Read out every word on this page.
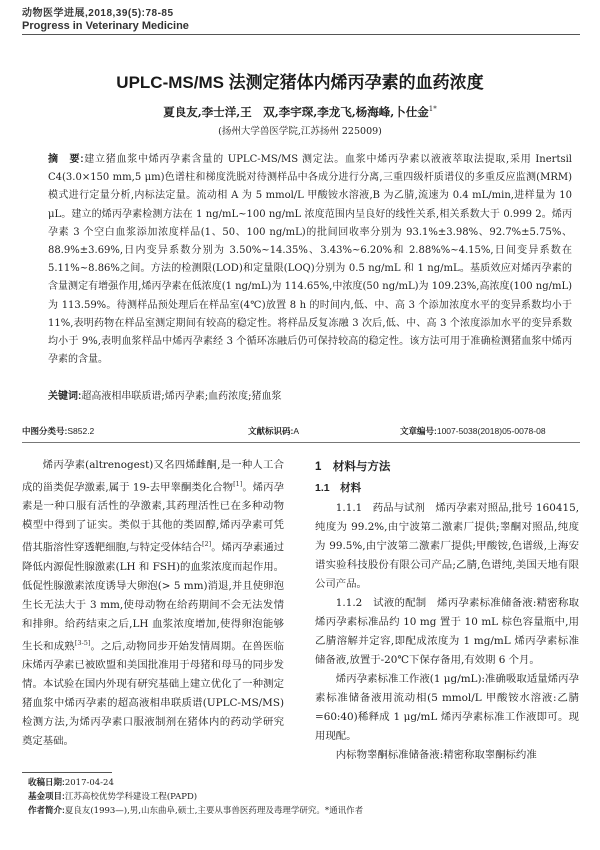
动物医学进展,2018,39(5):78-85
Progress in Veterinary Medicine
UPLC-MS/MS 法测定猪体内烯丙孕素的血药浓度
夏良友,李士洋,王　双,李宇琛,李龙飞,杨海峰,卜仕金$^{1*}$
(扬州大学兽医学院,江苏扬州 225009)
摘　要:建立猪血浆中烯丙孕素含量的 UPLC-MS/MS 测定法。血浆中烯丙孕素以液液萃取法提取,采用 Inertsil C4(3.0×150 mm,5 μm)色谱柱和梯度洗脱对待测样品中各成分进行分离,三重四级杆质谱仪的多重反应监测(MRM)模式进行定量分析,内标法定量。流动相 A 为 5 mmol/L 甲酸铵水溶液,B 为乙腈,流速为 0.4 mL/min,进样量为 10 μL。建立的烯丙孕素检测方法在 1 ng/mL~100 ng/mL 浓度范围内呈良好的线性关系,相关系数大于 0.999 2。烯丙孕素 3 个空白血浆添加浓度样品(1、50、100 ng/mL)的批间回收率分别为 93.1%±3.98%、92.7%±5.75%、88.9%±3.69%,日内变异系数分别为 3.50%~14.35%、3.43%~6.20%和 2.88%%~4.15%,日间变异系数在 5.11%~8.86%之间。方法的检测限(LOD)和定量限(LOQ)分别为 0.5 ng/mL 和 1 ng/mL。基质效应对烯丙孕素的含量测定有增强作用,烯丙孕素在低浓度(1 ng/mL)为 114.65%,中浓度(50 ng/mL)为 109.23%,高浓度(100 ng/mL)为 113.59%。待测样品预处理后在样品室(4℃)放置 8 h 的时间内,低、中、高 3 个添加浓度水平的变异系数均小于 11%,表明药物在样品室测定期间有较高的稳定性。将样品反复冻融 3 次后,低、中、高 3 个浓度添加水平的变异系数均小于 9%,表明血浆样品中烯丙孕素经 3 个循环冻融后仍可保持较高的稳定性。该方法可用于准确检测猪血浆中烯丙孕素的含量。
关键词:超高液相串联质谱;烯丙孕素;血药浓度;猪血浆
中图分类号:S852.2	文献标识码:A	文章编号:1007-5038(2018)05-0078-08

烯丙孕素(altrenogest)又名四烯雌酮,是一种人工合成的甾类促孕激素,属于 19-去甲睾酮类化合物[1]。烯丙孕素是一种口服有活性的孕激素,其药理活性已在多种动物模型中得到了证实。类似于其他的类固醇,烯丙孕素可凭借其脂溶性穿透靶细胞,与特定受体结合[2]。烯丙孕素通过降低内源促性腺激素(LH 和 FSH)的血浆浓度而起作用。低促性腺激素浓度诱导大卵泡(> 5 mm)消退,并且使卵泡生长无法大于 3 mm,使母动物在给药期间不会无法发情和排卵。给药结束之后,LH 血浆浓度增加,使得卵泡能够生长和成熟[3-5]。之后,动物同步开始发情周期。在兽医临床烯丙孕素已被欧盟和美国批准用于母猪和母马的同步发情。本试验在国内外现有研究基础上建立优化了一种测定猪血浆中烯丙孕素的超高液相串联质谱(UPLC-MS/MS)检测方法,为烯丙孕素口服液制剂在猪体内的药动学研究奠定基础。

1　材料与方法
1.1　材料

1.1.1　药品与试剂　烯丙孕素对照品,批号 160415,纯度为 99.2%,由宁波第二激素厂提供;睾酮对照品,纯度为 99.5%,由宁波第二激素厂提供;甲酸铵,色谱级,上海安谱实验科技股份有限公司产品;乙腈,色谱纯,美国天地有限公司产品。

1.1.2　试液的配制　烯丙孕素标准储备液:精密称取烯丙孕素标准品约 10 mg 置于 10 mL 棕色容量瓶中,用乙腈溶解并定容,即配成浓度为 1 mg/mL 烯丙孕素标准储备液,放置于-20℃下保存备用,有效期 6 个月。

烯丙孕素标准工作液(1 μg/mL):准确吸取适量烯丙孕素标准储备液用流动相(5 mmol/L 甲酸铵水溶液:乙腈=60:40)稀释成 1 μg/mL 烯丙孕素标准工作液即可。现用现配。

内标物睾酮标准储备液:精密称取睾酮标约准

收稿日期:2017-04-24
基金项目:江苏高校优势学科建设工程(PAPD)
作者简介:夏良友(1993—),男,山东曲阜,硕士,主要从事兽医药理及毒理学研究。*通讯作者
